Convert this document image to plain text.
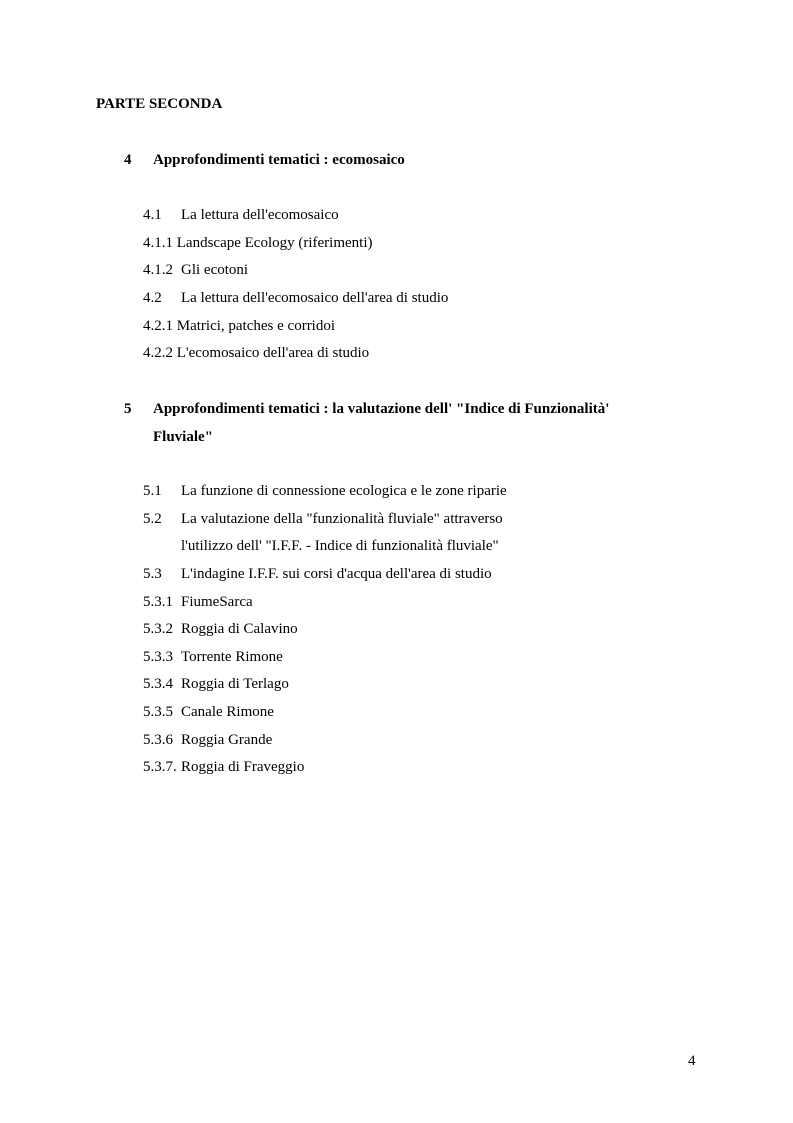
PARTE SECONDA
4 Approfondimenti tematici : ecomosaico
4.1 La lettura dell'ecomosaico
4.1.1 Landscape Ecology (riferimenti)
4.1.2 Gli ecotoni
4.2 La lettura dell'ecomosaico dell'area di studio
4.2.1 Matrici, patches e corridoi
4.2.2 L'ecomosaico dell'area di studio
5 Approfondimenti tematici : la valutazione dell' "Indice di Funzionalità'
Fluviale"
5.1 La funzione di connessione ecologica e le zone riparie
5.2 La valutazione della "funzionalità fluviale" attraverso
l'utilizzo dell' "I.F.F. - Indice di funzionalità fluviale"
5.3 L'indagine I.F.F. sui corsi d'acqua dell'area di studio
5.3.1 FiumeSarca
5.3.2 Roggia di Calavino
5.3.3 Torrente Rimone
5.3.4 Roggia di Terlago
5.3.5 Canale Rimone
5.3.6 Roggia Grande
5.3.7. Roggia di Fraveggio
4
